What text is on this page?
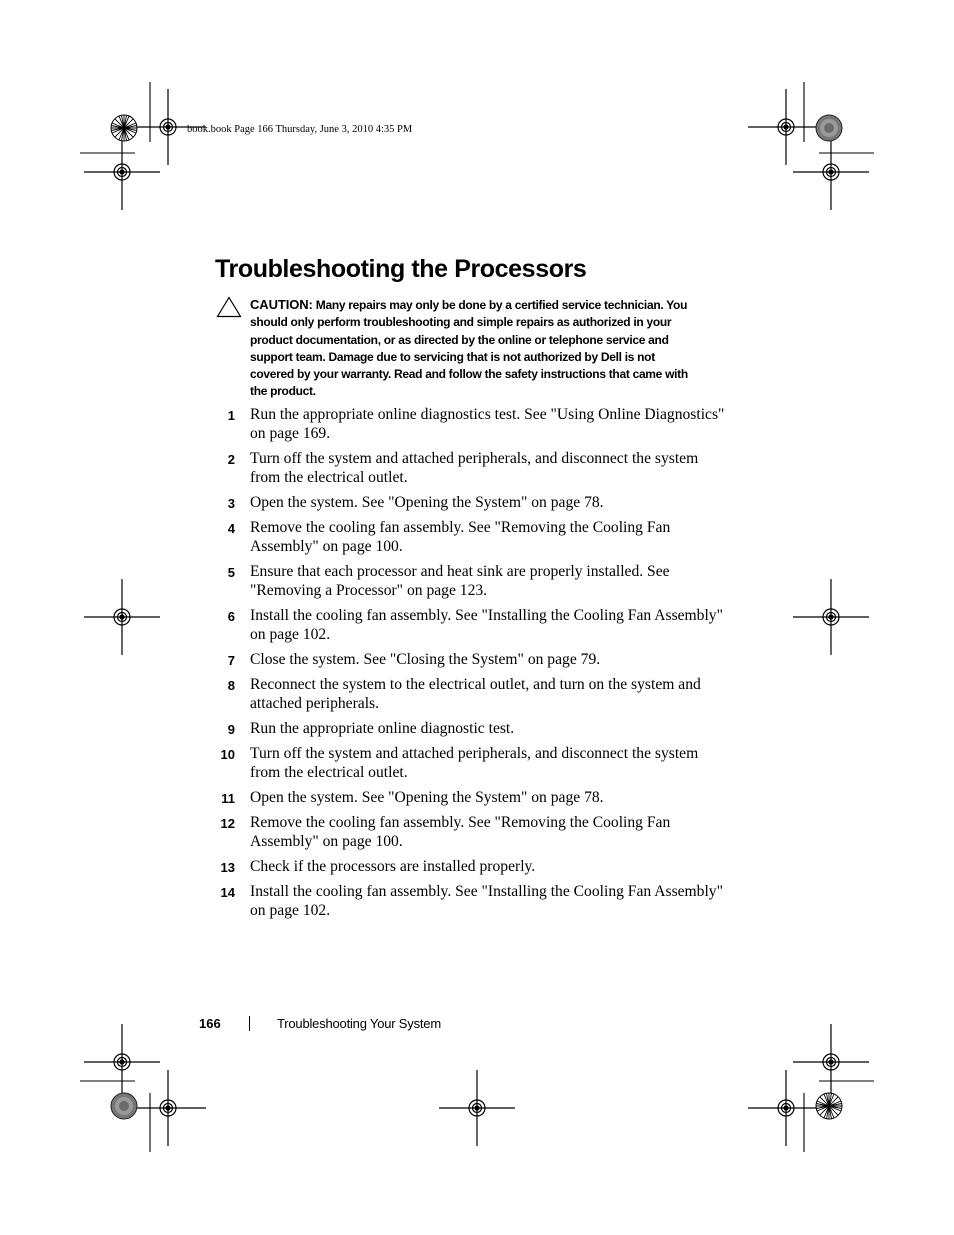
book.book Page 166 Thursday, June 3, 2010 4:35 PM
Troubleshooting the Processors
CAUTION: Many repairs may only be done by a certified service technician. You should only perform troubleshooting and simple repairs as authorized in your product documentation, or as directed by the online or telephone service and support team. Damage due to servicing that is not authorized by Dell is not covered by your warranty. Read and follow the safety instructions that came with the product.
1 Run the appropriate online diagnostics test. See "Using Online Diagnostics" on page 169.
2 Turn off the system and attached peripherals, and disconnect the system from the electrical outlet.
3 Open the system. See "Opening the System" on page 78.
4 Remove the cooling fan assembly. See "Removing the Cooling Fan Assembly" on page 100.
5 Ensure that each processor and heat sink are properly installed. See "Removing a Processor" on page 123.
6 Install the cooling fan assembly. See "Installing the Cooling Fan Assembly" on page 102.
7 Close the system. See "Closing the System" on page 79.
8 Reconnect the system to the electrical outlet, and turn on the system and attached peripherals.
9 Run the appropriate online diagnostic test.
10 Turn off the system and attached peripherals, and disconnect the system from the electrical outlet.
11 Open the system. See "Opening the System" on page 78.
12 Remove the cooling fan assembly. See "Removing the Cooling Fan Assembly" on page 100.
13 Check if the processors are installed properly.
14 Install the cooling fan assembly. See "Installing the Cooling Fan Assembly" on page 102.
166	Troubleshooting Your System
